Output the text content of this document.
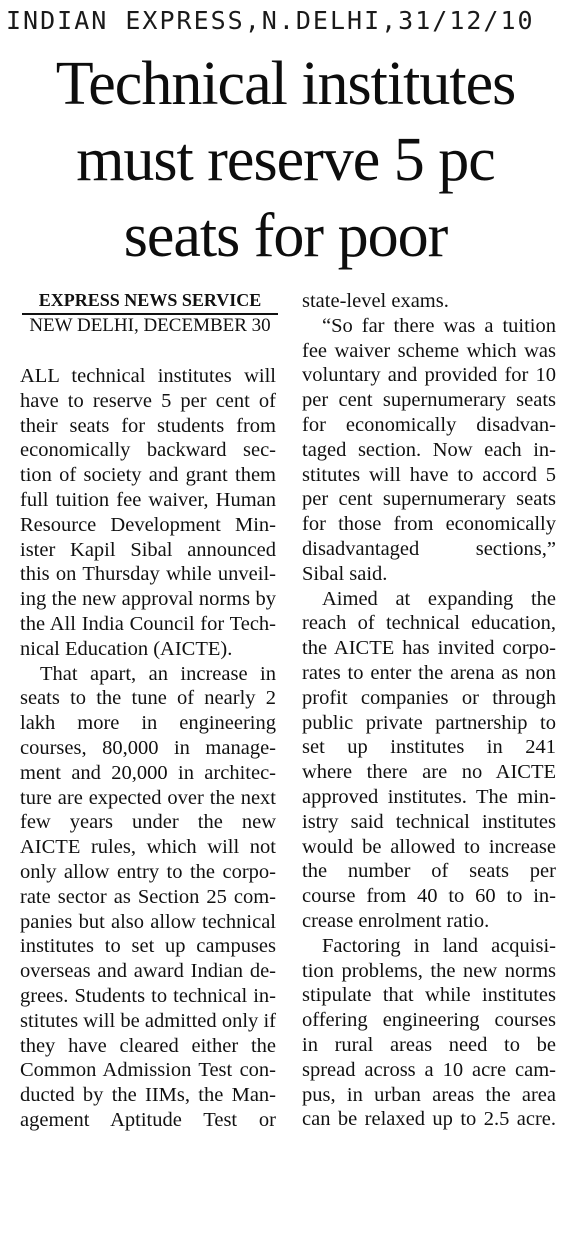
INDIAN EXPRESS,N.DELHI,31/12/10
Technical institutes
must reserve 5 pc
seats for poor
EXPRESS NEWS SERVICE
NEW DELHI, DECEMBER 30
ALL technical institutes will
have to reserve 5 per cent of
their seats for students from
economically backward sec-
tion of society and grant them
full tuition fee waiver, Human
Resource Development Min-
ister Kapil Sibal announced
this on Thursday while unveil-
ing the new approval norms by
the All India Council for Tech-
nical Education (AICTE).
That apart, an increase in
seats to the tune of nearly 2
lakh more in engineering
courses, 80,000 in manage-
ment and 20,000 in architec-
ture are expected over the next
few years under the new
AICTE rules, which will not
only allow entry to the corpo-
rate sector as Section 25 com-
panies but also allow technical
institutes to set up campuses
overseas and award Indian de-
grees. Students to technical in-
stitutes will be admitted only if
they have cleared either the
Common Admission Test con-
ducted by the IIMs, the Man-
agement Aptitude Test or
state-level exams.
“So far there was a tuition
fee waiver scheme which was
voluntary and provided for 10
per cent supernumerary seats
for economically disadvan-
taged section. Now each in-
stitutes will have to accord 5
per cent supernumerary seats
for those from economically
disadvantaged sections,”
Sibal said.
Aimed at expanding the
reach of technical education,
the AICTE has invited corpo-
rates to enter the arena as non
profit companies or through
public private partnership to
set up institutes in 241
where there are no AICTE
approved institutes. The min-
istry said technical institutes
would be allowed to increase
the number of seats per
course from 40 to 60 to in-
crease enrolment ratio.
Factoring in land acquisi-
tion problems, the new norms
stipulate that while institutes
offering engineering courses
in rural areas need to be
spread across a 10 acre cam-
pus, in urban areas the area
can be relaxed up to 2.5 acre.
